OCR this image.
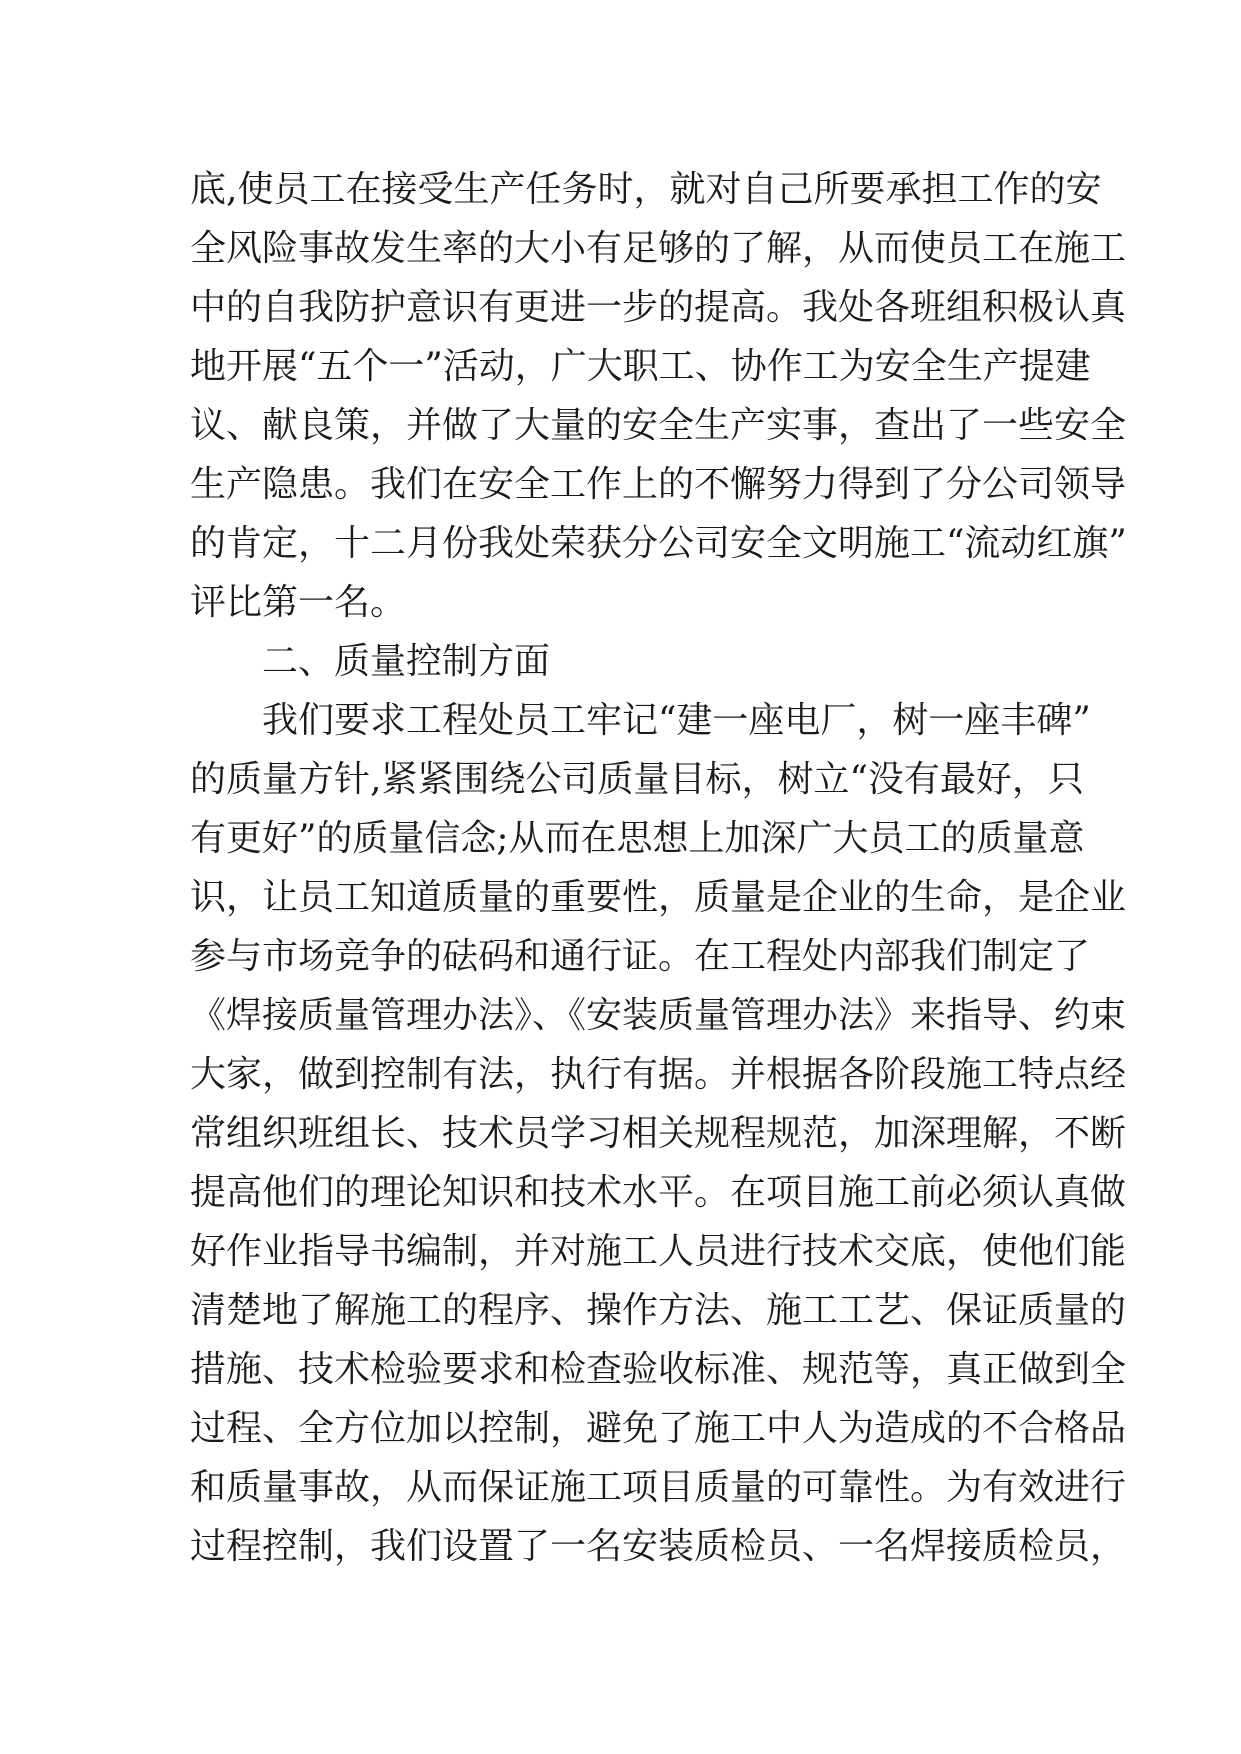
底,使员工在接受生产任务时，就对自己所要承担工作的安
全风险事故发生率的大小有足够的了解，从而使员工在施工
中的自我防护意识有更进一步的提高。我处各班组积极认真
地开展“五个一”活动，广大职工、协作工为安全生产提建
议、献良策，并做了大量的安全生产实事，查出了一些安全
生产隐患。我们在安全工作上的不懈努力得到了分公司领导
的肯定，十二月份我处荣获分公司安全文明施工“流动红旗”
评比第一名。
二、质量控制方面
我们要求工程处员工牢记“建一座电厂，树一座丰碑”
的质量方针,紧紧围绕公司质量目标，树立“没有最好，只
有更好”的质量信念;从而在思想上加深广大员工的质量意
识，让员工知道质量的重要性，质量是企业的生命，是企业
参与市场竞争的砝码和通行证。在工程处内部我们制定了
《焊接质量管理办法》、《安装质量管理办法》来指导、约束
大家，做到控制有法，执行有据。并根据各阶段施工特点经
常组织班组长、技术员学习相关规程规范，加深理解，不断
提高他们的理论知识和技术水平。在项目施工前必须认真做
好作业指导书编制，并对施工人员进行技术交底，使他们能
清楚地了解施工的程序、操作方法、施工工艺、保证质量的
措施、技术检验要求和检查验收标准、规范等，真正做到全
过程、全方位加以控制，避免了施工中人为造成的不合格品
和质量事故，从而保证施工项目质量的可靠性。为有效进行
过程控制，我们设置了一名安装质检员、一名焊接质检员，
